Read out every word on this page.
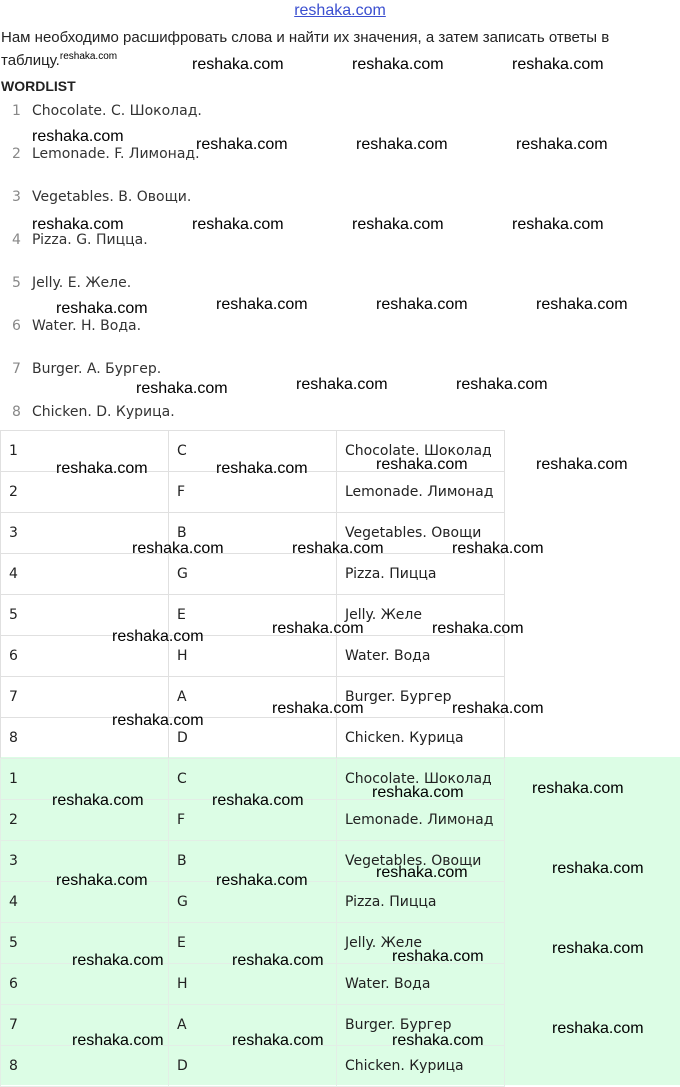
reshaka.com
Нам необходимо расшифровать слова и найти их значения, а затем записать ответы в таблицу.$^{reshaka.com}$
WORDLIST
1 Chocolate. C. Шоколад.
2 Lemonade. F. Лимонад.
3 Vegetables. B. Овощи.
4 Pizza. G. Пицца.
5 Jelly. E. Желе.
6 Water. H. Вода.
7 Burger. A. Бургер.
8 Chicken. D. Курица.
1	C	Chocolate. Шоколад
2	F	Lemonade. Лимонад
3	B	Vegetables. Овощи
4	G	Pizza. Пицца
5	E	Jelly. Желе
6	H	Water. Вода
7	A	Burger. Бургер
8	D	Chicken. Курица
1	C	Chocolate. Шоколад
2	F	Lemonade. Лимонад
3	B	Vegetables. Овощи
4	G	Pizza. Пицца
5	E	Jelly. Желе
6	H	Water. Вода
7	A	Burger. Бургер
8	D	Chicken. Курица
reshaka.com	reshaka.com	reshaka.com
reshaka.com	reshaka.com	reshaka.com	reshaka.com
reshaka.com	reshaka.com	reshaka.com	reshaka.com
reshaka.com	reshaka.com	reshaka.com	reshaka.com
reshaka.com	reshaka.com	reshaka.com
reshaka.com	reshaka.com	reshaka.com	reshaka.com
reshaka.com	reshaka.com	reshaka.com
reshaka.com	reshaka.com	reshaka.com
reshaka.com
reshaka.com	reshaka.com
reshaka.com	reshaka.com
reshaka.com	reshaka.com
reshaka.com
reshaka.com
reshaka.com	reshaka.com
reshaka.com
reshaka.com
reshaka.com	reshaka.com
reshaka.com
reshaka.com	reshaka.com	reshaka.com
